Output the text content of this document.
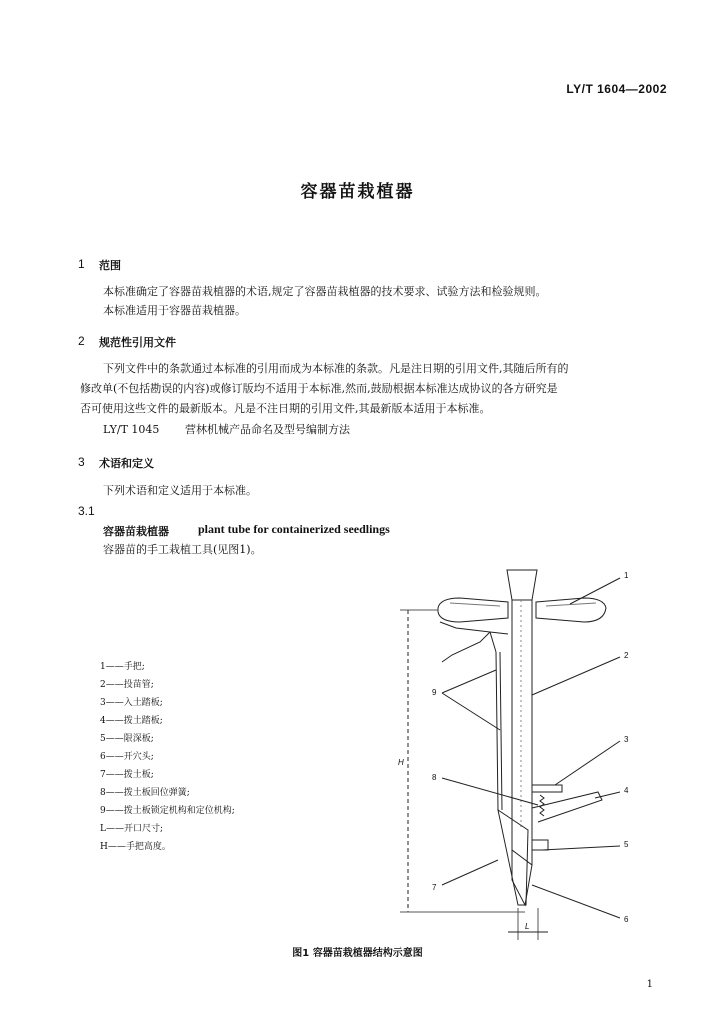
LY/T 1604—2002
容器苗栽植器
1 范围
本标准确定了容器苗栽植器的术语,规定了容器苗栽植器的技术要求、试验方法和检验规则。
本标准适用于容器苗栽植器。
2 规范性引用文件
下列文件中的条款通过本标准的引用而成为本标准的条款。凡是注日期的引用文件,其随后所有的
修改单(不包括勘误的内容)或修订版均不适用于本标准,然而,鼓励根据本标准达成协议的各方研究是
否可使用这些文件的最新版本。凡是不注日期的引用文件,其最新版本适用于本标准。
LY/T 1045 营林机械产品命名及型号编制方法
3 术语和定义
下列术语和定义适用于本标准。
3.1
容器苗栽植器 plant tube for containerized seedlings
容器苗的手工栽植工具(见图1)。
1——手把;
2——投苗管;
3——入土踏板;
4——拨土踏板;
5——限深板;
6——开穴头;
7——拨土板;
8——拨土板回位弹簧;
9——拨土板锁定机构和定位机构;
L——开口尺寸;
H——手把高度。
1
2
3
4
5
6
7
8
9
H
L
图1 容器苗栽植器结构示意图
1
